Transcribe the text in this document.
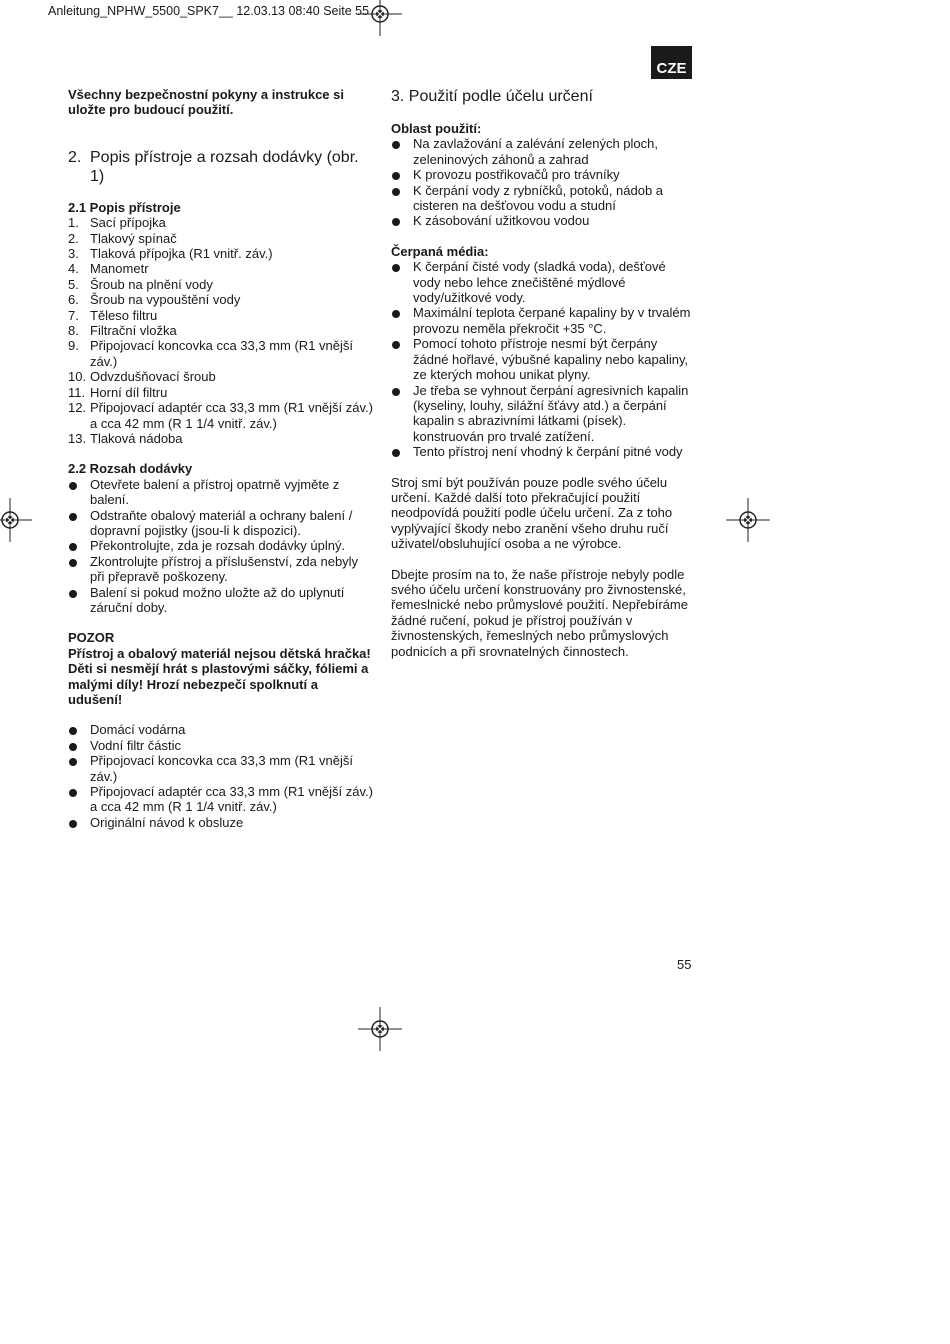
Anleitung_NPHW_5500_SPK7__ 12.03.13 08:40 Seite 55
CZE
Všechny bezpečnostní pokyny a instrukce si uložte pro budoucí použití.
2. Popis přístroje a rozsah dodávky (obr. 1)
2.1 Popis přístroje
1. Sací přípojka
2. Tlakový spínač
3. Tlaková přípojka (R1 vnitř. záv.)
4. Manometr
5. Šroub na plnění vody
6. Šroub na vypouštění vody
7. Těleso filtru
8. Filtrační vložka
9. Připojovací koncovka cca 33,3 mm (R1 vnější záv.)
10. Odvzdušňovací šroub
11. Horní díl filtru
12. Připojovací adaptér cca 33,3 mm (R1 vnější záv.) a cca 42 mm (R 1 1/4 vnitř. záv.)
13. Tlaková nádoba
2.2 Rozsah dodávky
Otevřete balení a přístroj opatrně vyjměte z balení.
Odstraňte obalový materiál a ochrany balení / dopravní pojistky (jsou-li k dispozici).
Překontrolujte, zda je rozsah dodávky úplný.
Zkontrolujte přístroj a příslušenství, zda nebyly při přepravě poškozeny.
Balení si pokud možno uložte až do uplynutí záruční doby.
POZOR
Přístroj a obalový materiál nejsou dětská hračka! Děti si nesmějí hrát s plastovými sáčky, fóliemi a malými díly! Hrozí nebezpečí spolknutí a udušení!
Domácí vodárna
Vodní filtr částic
Připojovací koncovka cca 33,3 mm (R1 vnější záv.)
Připojovací adaptér cca 33,3 mm (R1 vnější záv.) a cca 42 mm (R 1 1/4 vnitř. záv.)
Originální návod k obsluze
3. Použití podle účelu určení
Oblast použití:
Na zavlažování a zalévání zelených ploch, zeleninových záhonů a zahrad
K provozu postřikovačů pro trávníky
K čerpání vody z rybníčků, potoků, nádob a cisteren na dešťovou vodu a studní
K zásobování užitkovou vodou
Čerpaná média:
K čerpání čisté vody (sladká voda), dešťové vody nebo lehce znečištěné mýdlové vody/užitkové vody.
Maximální teplota čerpané kapaliny by v trvalém provozu neměla překročit +35 °C.
Pomocí tohoto přístroje nesmí být čerpány žádné hořlavé, výbušné kapaliny nebo kapaliny, ze kterých mohou unikat plyny.
Je třeba se vyhnout čerpání agresivních kapalin (kyseliny, louhy, silážní šťávy atd.) a čerpání kapalin s abrazivními látkami (písek). konstruován pro trvalé zatížení.
Tento přístroj není vhodný k čerpání pitné vody
Stroj smí být používán pouze podle svého účelu určení. Každé další toto překračující použití neodpovídá použití podle účelu určení. Za z toho vyplývající škody nebo zranění všeho druhu ručí uživatel/obsluhující osoba a ne výrobce.
Dbejte prosím na to, že naše přístroje nebyly podle svého účelu určení konstruovány pro živnostenské, řemeslnické nebo průmyslové použití. Nepřebíráme žádné ručení, pokud je přístroj používán v živnostenských, řemeslných nebo průmyslových podnicích a při srovnatelných činnostech.
55
